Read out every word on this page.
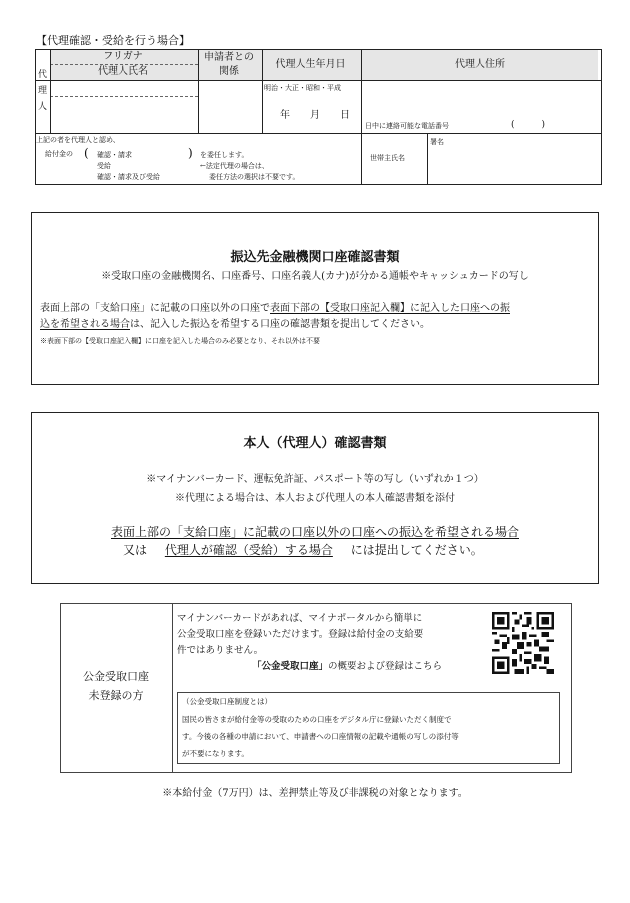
【代理確認・受給を行う場合】
代
理
人
フリガナ
代理人氏名
申請者との
関係
代理人生年月日	代理人住所
明治・大正・昭和・平成
年　　月　　日
日中に連絡可能な電話番号	(　　　)
上記の者を代理人と認め、
給付金の ( 確認・請求
受給
確認・請求及び受給
) を委任します。
←法定代理の場合は、
委任方法の選択は不要です。
世帯主氏名
署名
振込先金融機関口座確認書類
※受取口座の金融機関名、口座番号、口座名義人(カナ)が分かる通帳やキャッシュカードの写し
表面上部の「支給口座」に記載の口座以外の口座で表面下部の【受取口座記入欄】に記入した口座への振
込を希望される場合は、記入した振込を希望する口座の確認書類を提出してください。
※表面下部の【受取口座記入欄】に口座を記入した場合のみ必要となり、それ以外は不要
本人（代理人）確認書類
※マイナンバーカード、運転免許証、パスポート等の写し（いずれか１つ）
※代理による場合は、本人および代理人の本人確認書類を添付
表面上部の「支給口座」に記載の口座以外の口座への振込を希望される場合
又は 代理人が確認（受給）する場合 には提出してください。
公金受取口座
未登録の方
マイナンバーカードがあれば、マイナポータルから簡単に
公金受取口座を登録いただけます。登録は給付金の支給要
件ではありません。
「公金受取口座」の概要および登録はこちら
（公金受取口座制度とは）
国民の皆さまが給付金等の受取のための口座をデジタル庁に登録いただく制度で
す。今後の各種の申請において、申請書への口座情報の記載や通帳の写しの添付等
が不要になります。
※本給付金（7万円）は、差押禁止等及び非課税の対象となります。
